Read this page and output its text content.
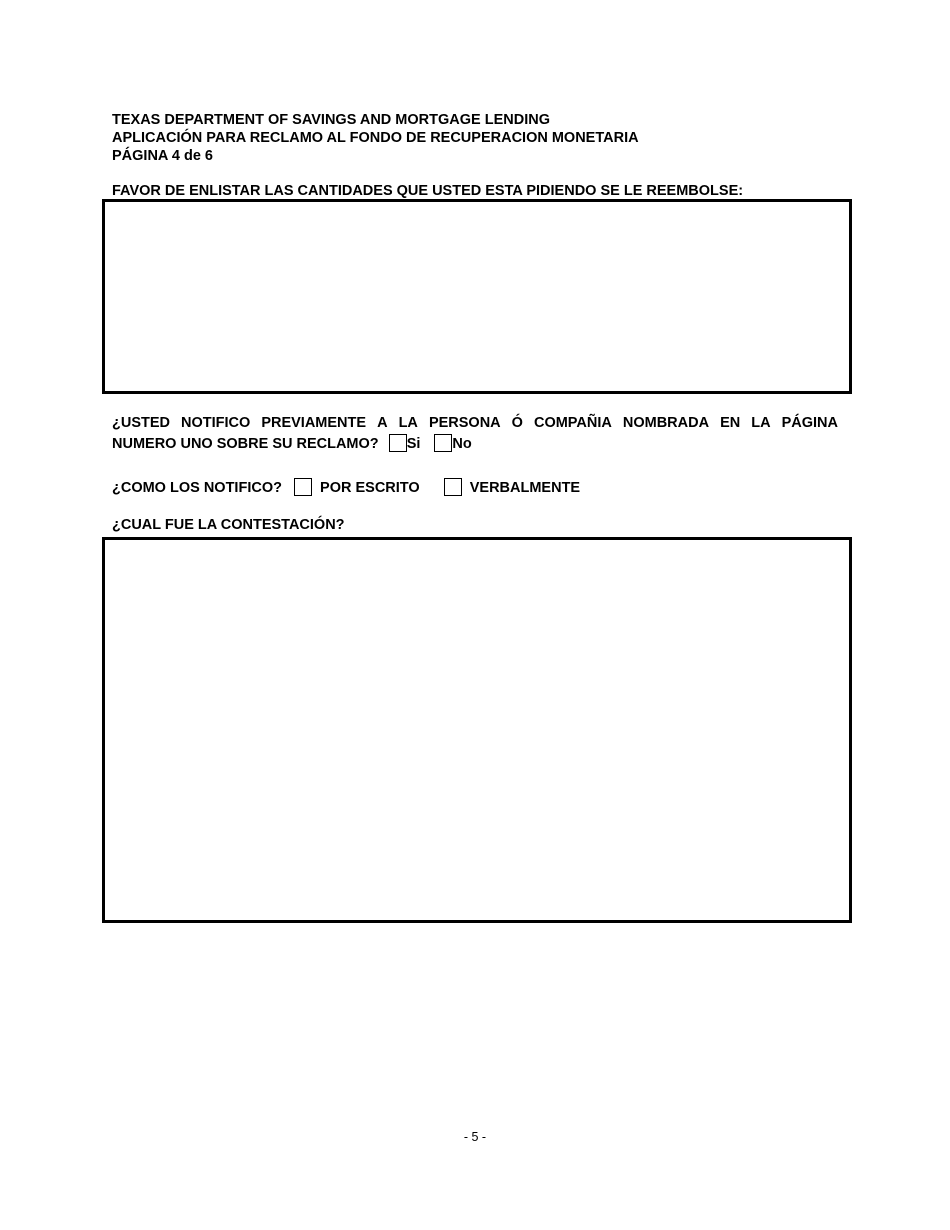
TEXAS DEPARTMENT OF SAVINGS AND MORTGAGE LENDING
APLICACIÓN PARA RECLAMO AL FONDO DE RECUPERACION MONETARIA
PÁGINA 4 de 6
FAVOR DE ENLISTAR LAS CANTIDADES QUE USTED ESTA PIDIENDO SE LE REEMBOLSE:
¿USTED NOTIFICO PREVIAMENTE A LA PERSONA Ó COMPAÑIA NOMBRADA EN LA PÁGINA
NUMERO UNO SOBRE SU RECLAMO? Si No
¿COMO LOS NOTIFICO?	POR ESCRITO	VERBALMENTE
¿CUAL FUE LA CONTESTACIÓN?
- 5 -
